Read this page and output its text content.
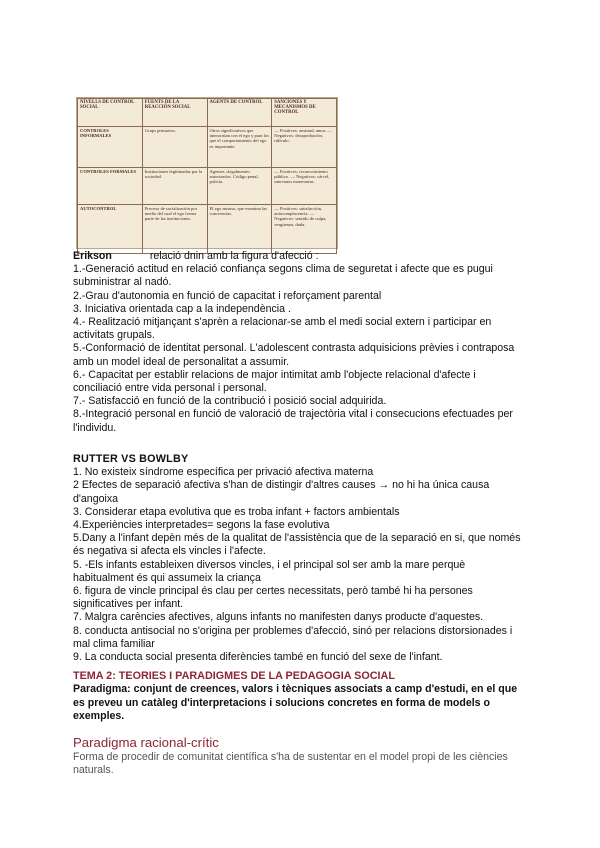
NIVELLS DE CONTROL SOCIAL	FUENTS DE LA REACCIÓN SOCIAL	AGENTS DE CONTROL	SANCIONES Y MECANISMOS DE CONTROL
CONTROLES INFORMALES	Grups primarios.	Otros significativos que interactúan con el ego y para los que el comportamiento del ego es importante.	— Positivos: amistad, amor. — Negativos: desaprobación, ridículo.
CONTROLES FORMALES	Instituciones legítimadas por la sociedad.	Agentes «legalmente» autorizados. Código penal, policía.	— Positivos: reconocimiento público. — Negativos: cárcel, sanciones monetarias.
AUTOCONTROL	Proceso de socialización por medio del cual el ego forma parte de las instituciones.	El ego mismo, que examina las conciencias.	— Positivos: satisfacción, autocomplacencia. — Negativos: sentido de culpa, vergüenza, duda.

Erikson	relació dnin amb la figura d'afecció :

1.-Generació actitud en relació confiança segons clima de seguretat i afecte que es pugui subministrar al nadó.

2.-Grau d'autonomia en funció de capacitat i reforçament parental

3. Iniciativa orientada cap a la independència .

4.- Realització mitjançant s'aprèn a relacionar-se amb el medi social extern i participar en activitats grupals.

5.-Conformació de identitat personal. L'adolescent contrasta adquisicions prèvies i contraposa amb un model ideal de personalitat a assumir.

6.- Capacitat per establir relacions de major intimitat amb l'objecte relacional d'afecte i conciliació entre vida personal i personal.

7.- Satisfacció en funció de la contribució i posició social adquirida.

8.-Integració personal en funció de valoració de trajectòria vital i consecucions efectuades per l'individu.

RUTTER VS BOWLBY

1. No existeix síndrome específica per privació afectiva materna

2 Efectes de separació afectiva s'han de distingir d'altres causes → no hi ha única causa d'angoixa

3. Considerar etapa evolutiva que es troba infant + factors ambientals

4.Experiències interpretades= segons la fase evolutiva

5.Dany a l'infant depèn més de la qualitat de l'assistència que de la separació en si, que només és negativa si afecta els vincles i l'afecte.

5. -Els infants estableixen diversos vincles, i el principal sol ser amb la mare perquè habitualment és qui assumeix la criança

6. figura de vincle principal és clau per certes necessitats, però també hi ha persones significatives per infant.

7. Malgra carències afectives, alguns infants no manifesten danys producte d'aquestes.

8. conducta antisocial no s'origina per problemes d'afecció, sinó per relacions distorsionades i mal clima familiar

9. La conducta social presenta diferències també en funció del sexe de l'infant.

TEMA 2: TEORIES I PARADIGMES DE LA PEDAGOGIA SOCIAL

Paradigma: conjunt de creences, valors i tècniques associats a camp d'estudi, en el que es preveu un catàleg d'interpretacions i solucions concretes en forma de models o exemples.

Paradigma racional-crític

Forma de procedir de comunitat científica s'ha de sustentar en el model propi de les ciències naturals.
